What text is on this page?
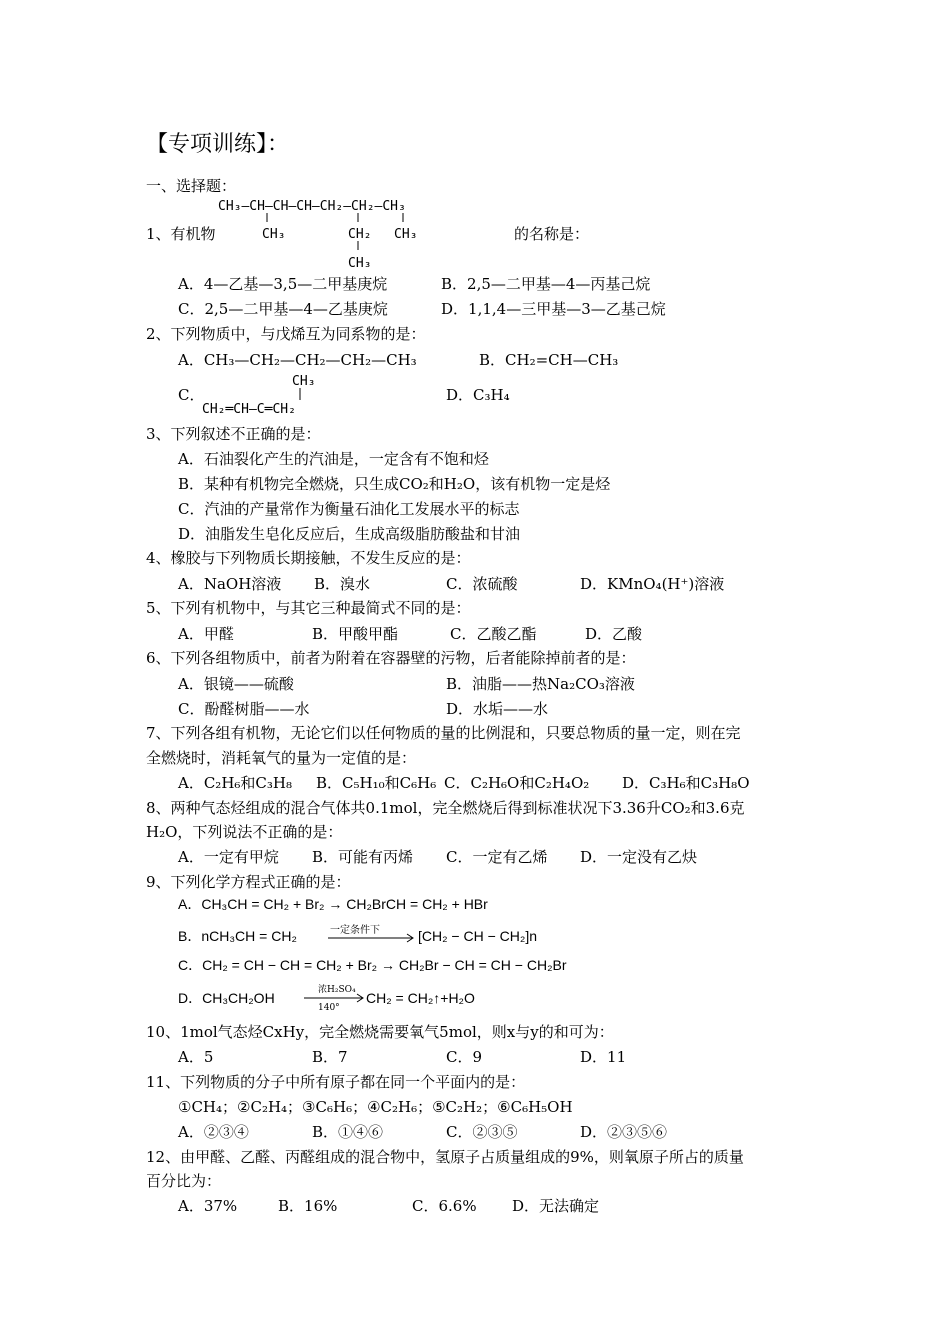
【专项训练】：
一、选择题：
1、有机物
CH₃—CH—CH—CH—CH₂—CH₂—CH₃
CH₃	CH₂ CH₃
CH₃
的名称是：
A．4—乙基—3,5—二甲基庚烷	B．2,5—二甲基—4—丙基己烷
C．2,5—二甲基—4—乙基庚烷	D．1,1,4—三甲基—3—乙基己烷
2、下列物质中，与戊烯互为同系物的是：
A．CH₃—CH₂—CH₂—CH₂—CH₃	B．CH₂=CH—CH₃
C．
CH₃
CH₂═CH—C═CH₂
D．C₃H₄
3、下列叙述不正确的是：
A．石油裂化产生的汽油是，一定含有不饱和烃
B．某种有机物完全燃烧，只生成CO₂和H₂O，该有机物一定是烃
C．汽油的产量常作为衡量石油化工发展水平的标志
D．油脂发生皂化反应后，生成高级脂肪酸盐和甘油
4、橡胶与下列物质长期接触，不发生反应的是：
A．NaOH溶液 B．溴水	C．浓硫酸	D．KMnO₄(H⁺)溶液
5、下列有机物中，与其它三种最简式不同的是：
A．甲醛	B．甲酸甲酯	C．乙酸乙酯	D．乙酸
6、下列各组物质中，前者为附着在容器壁的污物，后者能除掉前者的是：
A．银镜——硫酸	B．油脂——热Na₂CO₃溶液
C．酚醛树脂——水	D．水垢——水
7、下列各组有机物，无论它们以任何物质的量的比例混和，只要总物质的量一定，则在完
全燃烧时，消耗氧气的量为一定值的是：
A．C₂H₆和C₃H₈ B．C₅H₁₀和C₆H₆ C．C₂H₆O和C₂H₄O₂ D．C₃H₆和C₃H₈O
8、两种气态烃组成的混合气体共0.1mol，完全燃烧后得到标准状况下3.36升CO₂和3.6克
H₂O，下列说法不正确的是：
A．一定有甲烷 B．可能有丙烯 C．一定有乙烯 D．一定没有乙炔
9、下列化学方程式正确的是：
A．CH₃CH = CH₂ + Br₂ → CH₂BrCH = CH₂ + HBr
B．nCH₃CH = CH₂	一定条件下	[CH₂ − CH − CH₂]n
C．CH₂ = CH − CH = CH₂ + Br₂ → CH₂Br − CH = CH − CH₂Br
D．CH₃CH₂OH	浓H₂SO₄
140°
CH₂ = CH₂↑+H₂O
10、1mol气态烃CxHy，完全燃烧需要氧气5mol，则x与y的和可为：
A．5	B．7	C．9	D．11
11、下列物质的分子中所有原子都在同一个平面内的是：
①CH₄；②C₂H₄；③C₆H₆；④C₂H₆；⑤C₂H₂；⑥C₆H₅OH
A．②③④	B．①④⑥	C．②③⑤	D．②③⑤⑥
12、由甲醛、乙醛、丙醛组成的混合物中，氢原子占质量组成的9%，则氧原子所占的质量
百分比为：
A．37%	B．16%	C．6.6% D．无法确定
